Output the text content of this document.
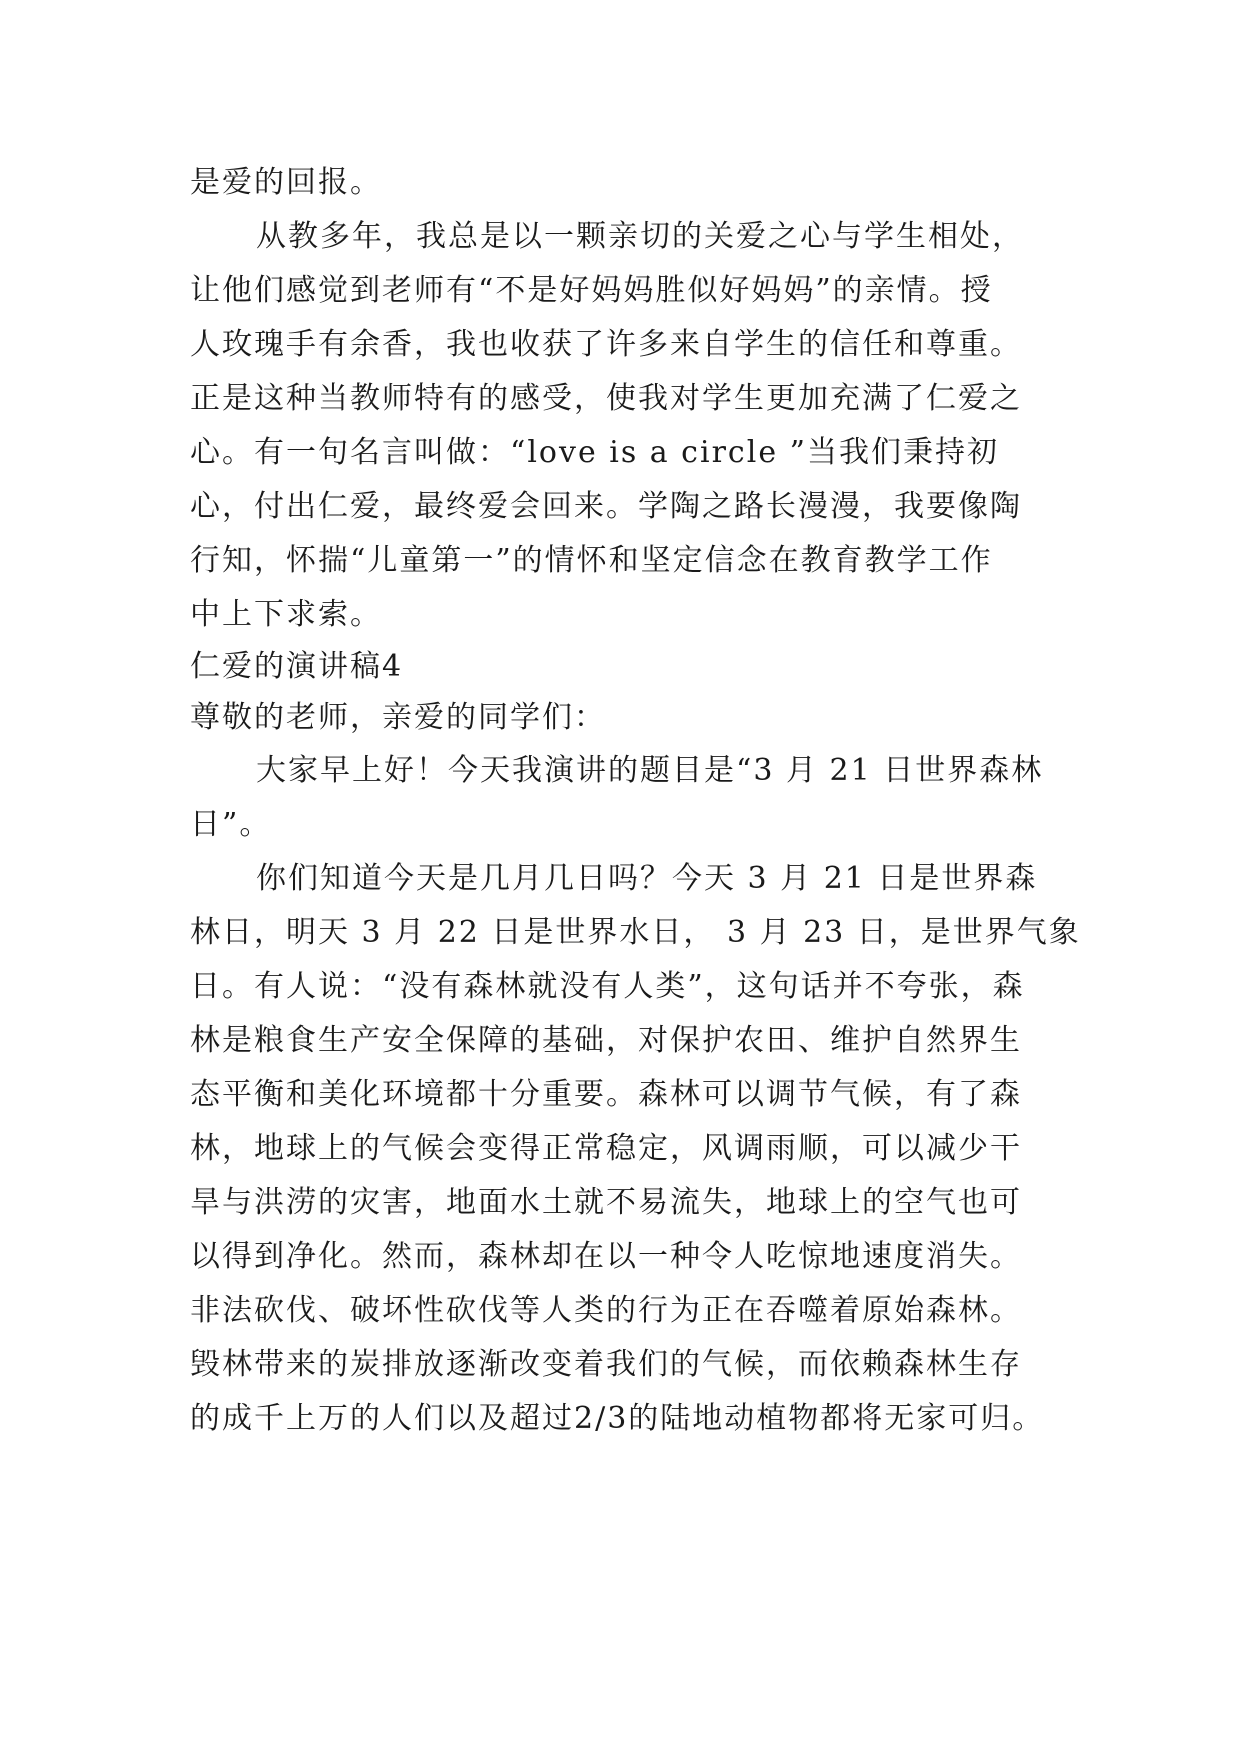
是爱的回报。
从教多年，我总是以一颗亲切的关爱之心与学生相处，
让他们感觉到老师有“不是好妈妈胜似好妈妈”的亲情。授
人玫瑰手有余香，我也收获了许多来自学生的信任和尊重。
正是这种当教师特有的感受，使我对学生更加充满了仁爱之
心。有一句名言叫做：“love is a circle ”当我们秉持初
心，付出仁爱，最终爱会回来。学陶之路长漫漫，我要像陶
行知，怀揣“儿童第一”的情怀和坚定信念在教育教学工作
中上下求索。
仁爱的演讲稿4
尊敬的老师，亲爱的同学们：
大家早上好！今天我演讲的题目是“3 月 21 日世界森林
日”。
你们知道今天是几月几日吗？今天 3 月 21 日是世界森
林日，明天 3 月 22 日是世界水日， 3 月 23 日，是世界气象
日。有人说：“没有森林就没有人类”，这句话并不夸张，森
林是粮食生产安全保障的基础，对保护农田、维护自然界生
态平衡和美化环境都十分重要。森林可以调节气候，有了森
林，地球上的气候会变得正常稳定，风调雨顺，可以减少干
旱与洪涝的灾害，地面水土就不易流失，地球上的空气也可
以得到净化。然而，森林却在以一种令人吃惊地速度消失。
非法砍伐、破坏性砍伐等人类的行为正在吞噬着原始森林。
毁林带来的炭排放逐渐改变着我们的气候，而依赖森林生存
的成千上万的人们以及超过2/3的陆地动植物都将无家可归。
